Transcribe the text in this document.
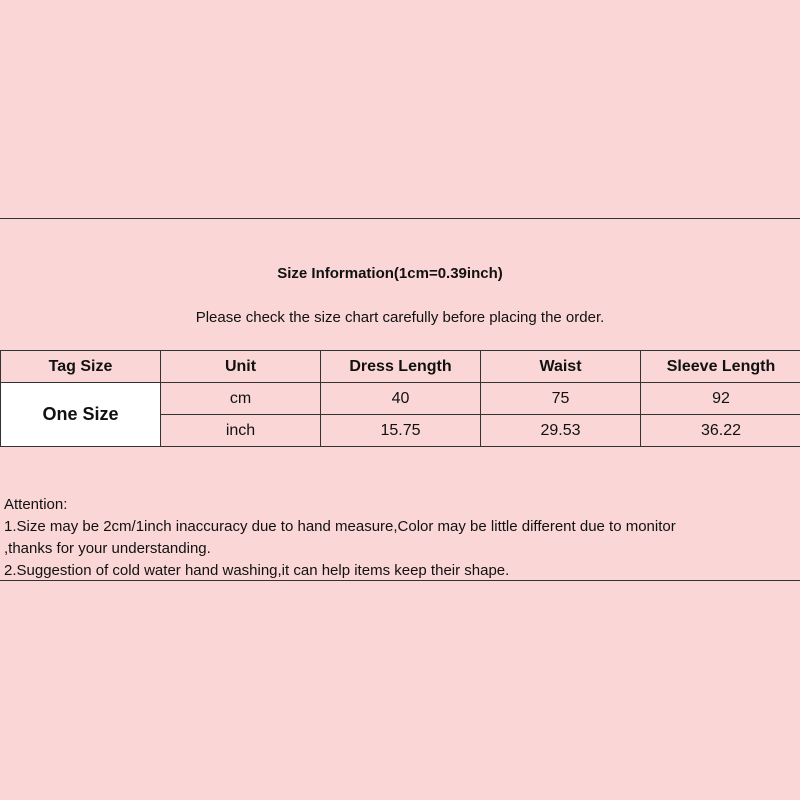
Size Information(1cm=0.39inch)
Please check the size chart carefully before placing the order.
Tag Size	Unit	Dress Length	Waist	Sleeve Length
One Size	cm	40	75	92
	inch	15.75	29.53	36.22
Attention:
1.Size may be 2cm/1inch inaccuracy due to hand measure,Color may be little different due to monitor
,thanks for your understanding.
2.Suggestion of cold water hand washing,it can help items keep their shape.
